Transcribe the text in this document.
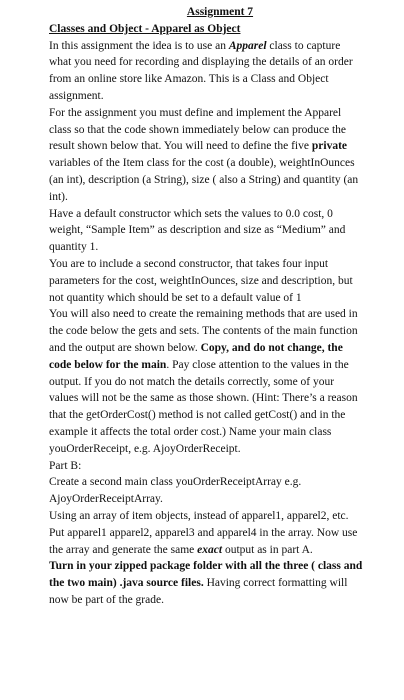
Assignment 7

Classes and Object - Apparel as Object

In this assignment the idea is to use an Apparel class to capture what you need for recording and displaying the details of an order from an online store like Amazon. This is a Class and Object assignment.

For the assignment you must define and implement the Apparel class so that the code shown immediately below can produce the result shown below that. You will need to define the five private variables of the Item class for the cost (a double), weightInOunces (an int), description (a String), size ( also a String) and quantity (an int).

Have a default constructor which sets the values to 0.0 cost, 0 weight, “Sample Item” as description and size as “Medium” and quantity 1.

You are to include a second constructor, that takes four input parameters for the cost, weightInOunces, size and description, but not quantity which should be set to a default value of 1

You will also need to create the remaining methods that are used in the code below the gets and sets. The contents of the main function and the output are shown below. Copy, and do not change, the code below for the main. Pay close attention to the values in the output. If you do not match the details correctly, some of your values will not be the same as those shown. (Hint: There’s a reason that the getOrderCost() method is not called getCost() and in the example it affects the total order cost.) Name your main class youOrderReceipt, e.g. AjoyOrderReceipt.

Part B:

Create a second main class youOrderReceiptArray e.g. AjoyOrderReceiptArray.

Using an array of item objects, instead of apparel1, apparel2, etc. Put apparel1 apparel2, apparel3 and apparel4 in the array. Now use the array and generate the same exact output as in part A.

Turn in your zipped package folder with all the three ( class and the two main) .java source files. Having correct formatting will now be part of the grade.
